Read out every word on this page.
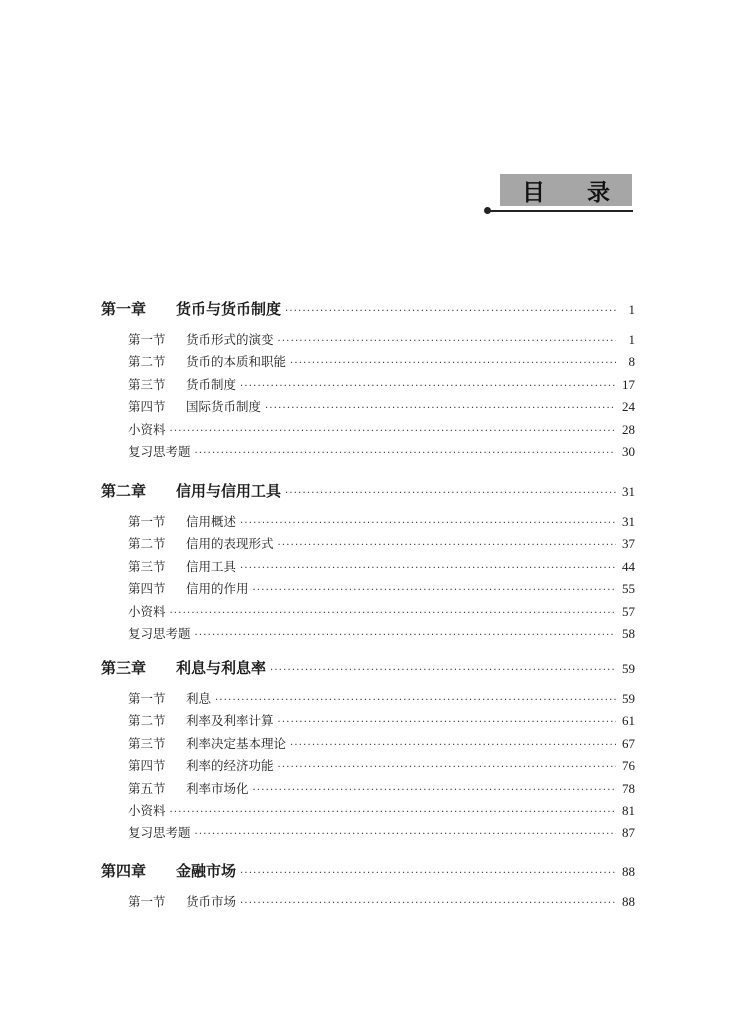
目 录
第一章	货币与货币制度 ·····	1
第一节	货币形式的演变 ·····	1
第二节	货币的本质和职能 ·····	8
第三节	货币制度 ·····	17
第四节	国际货币制度 ·····	24
小资料 ·····	28
复习思考题 ·····	30
第二章	信用与信用工具 ·····	31
第一节	信用概述 ·····	31
第二节	信用的表现形式 ·····	37
第三节	信用工具 ·····	44
第四节	信用的作用 ·····	55
小资料 ·····	57
复习思考题 ·····	58
第三章	利息与利息率 ·····	59
第一节	利息 ·····	59
第二节	利率及利率计算 ·····	61
第三节	利率决定基本理论 ·····	67
第四节	利率的经济功能 ·····	76
第五节	利率市场化 ·····	78
小资料 ·····	81
复习思考题 ·····	87
第四章	金融市场 ·····	88
第一节	货币市场 ·····	88
